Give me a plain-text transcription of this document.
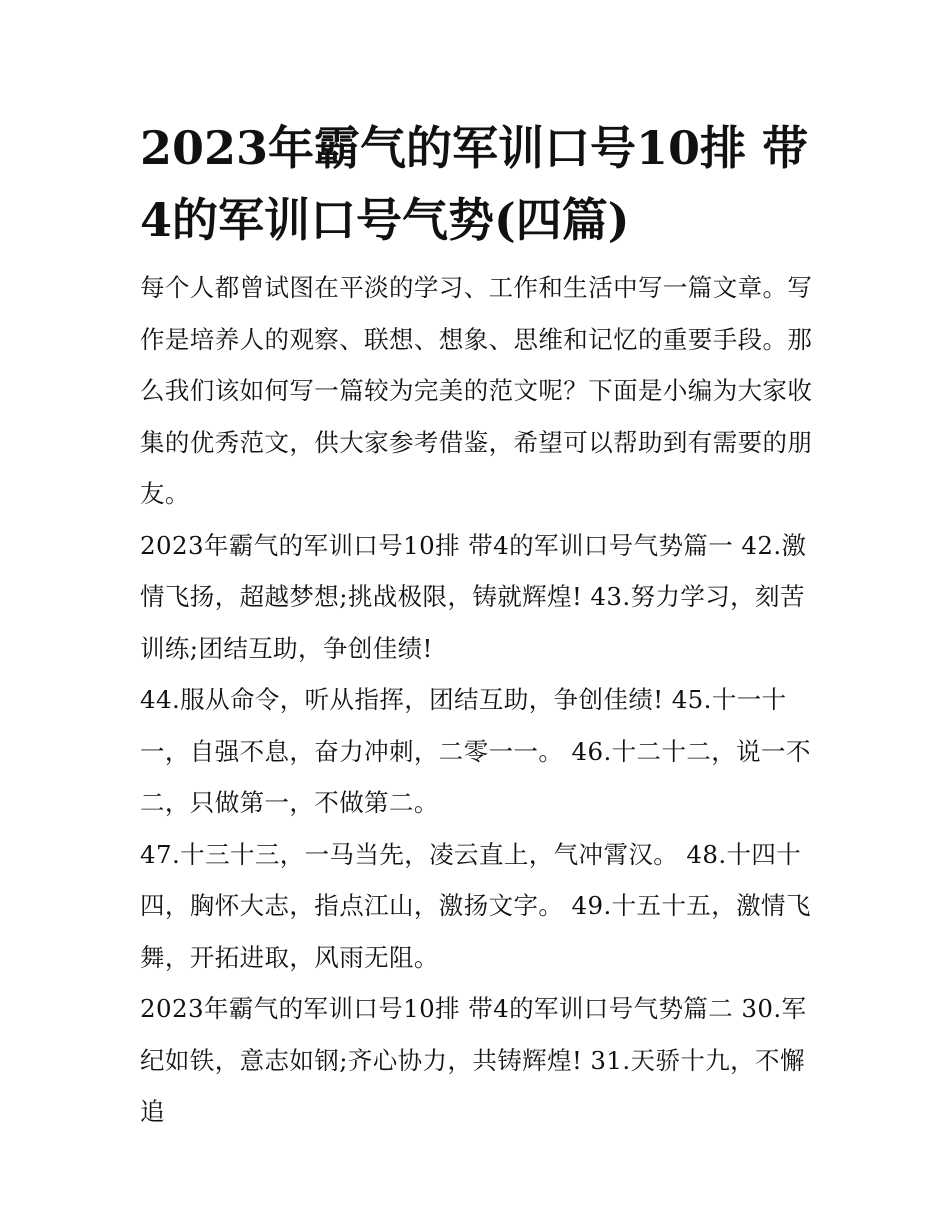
2023年霸气的军训口号10排 带4的军训口号气势(四篇)

每个人都曾试图在平淡的学习、工作和生活中写一篇文章。写作是培养人的观察、联想、想象、思维和记忆的重要手段。那么我们该如何写一篇较为完美的范文呢？下面是小编为大家收集的优秀范文，供大家参考借鉴，希望可以帮助到有需要的朋友。

2023年霸气的军训口号10排 带4的军训口号气势篇一 42.激情飞扬，超越梦想;挑战极限，铸就辉煌! 43.努力学习，刻苦训练;团结互助，争创佳绩!

44.服从命令，听从指挥，团结互助，争创佳绩! 45.十一十一，自强不息，奋力冲刺，二零一一。 46.十二十二，说一不二，只做第一，不做第二。

47.十三十三，一马当先，凌云直上，气冲霄汉。 48.十四十四，胸怀大志，指点江山，激扬文字。 49.十五十五，激情飞舞，开拓进取，风雨无阻。

2023年霸气的军训口号10排 带4的军训口号气势篇二 30.军纪如铁，意志如钢;齐心协力，共铸辉煌! 31.天骄十九，不懈追
